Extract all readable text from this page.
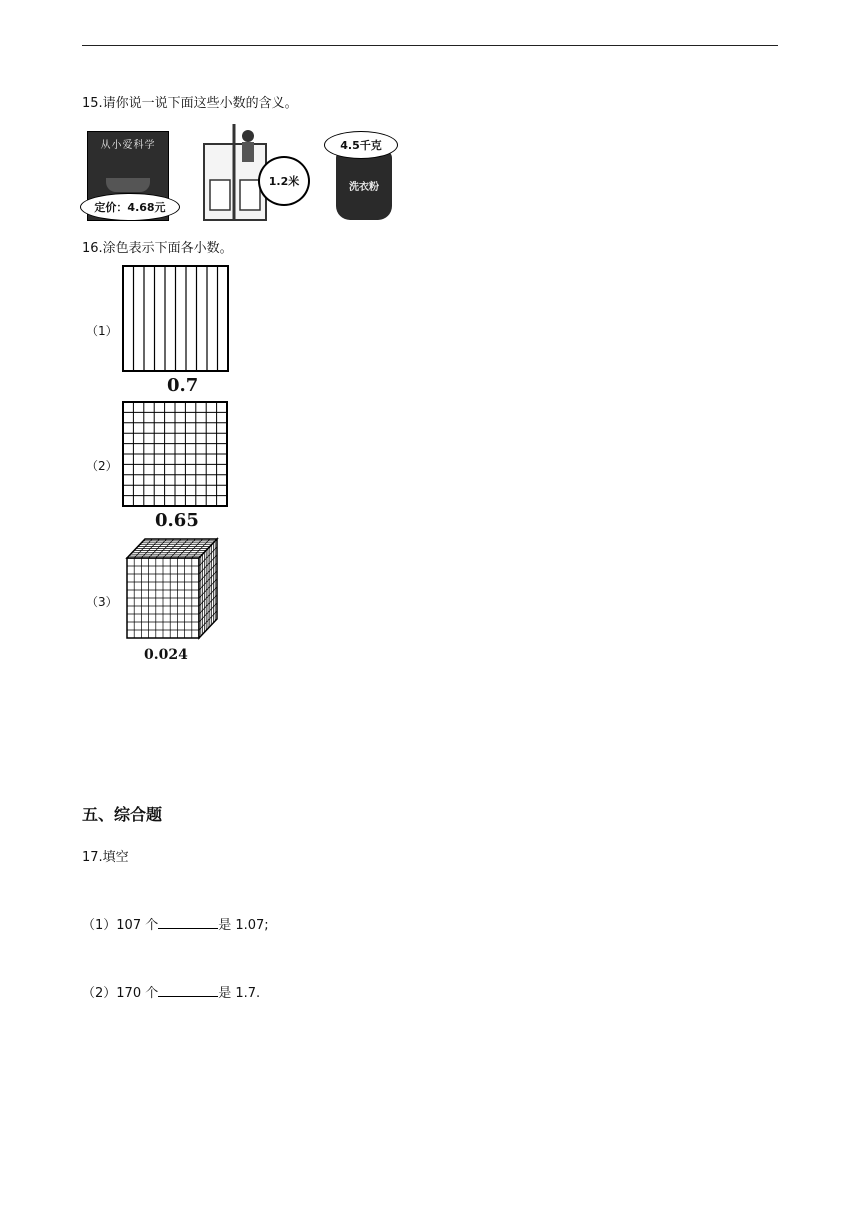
15.请你说一说下面这些小数的含义。
从小爱科学
定价：4.68元
1.2米	洗衣粉
4.5千克
16.涂色表示下面各小数。
（1）
0.7
（2）
0.65
（3）
0.024
五、综合题
17.填空
（1）107 个	是 1.07;
（2）170 个	是 1.7.
